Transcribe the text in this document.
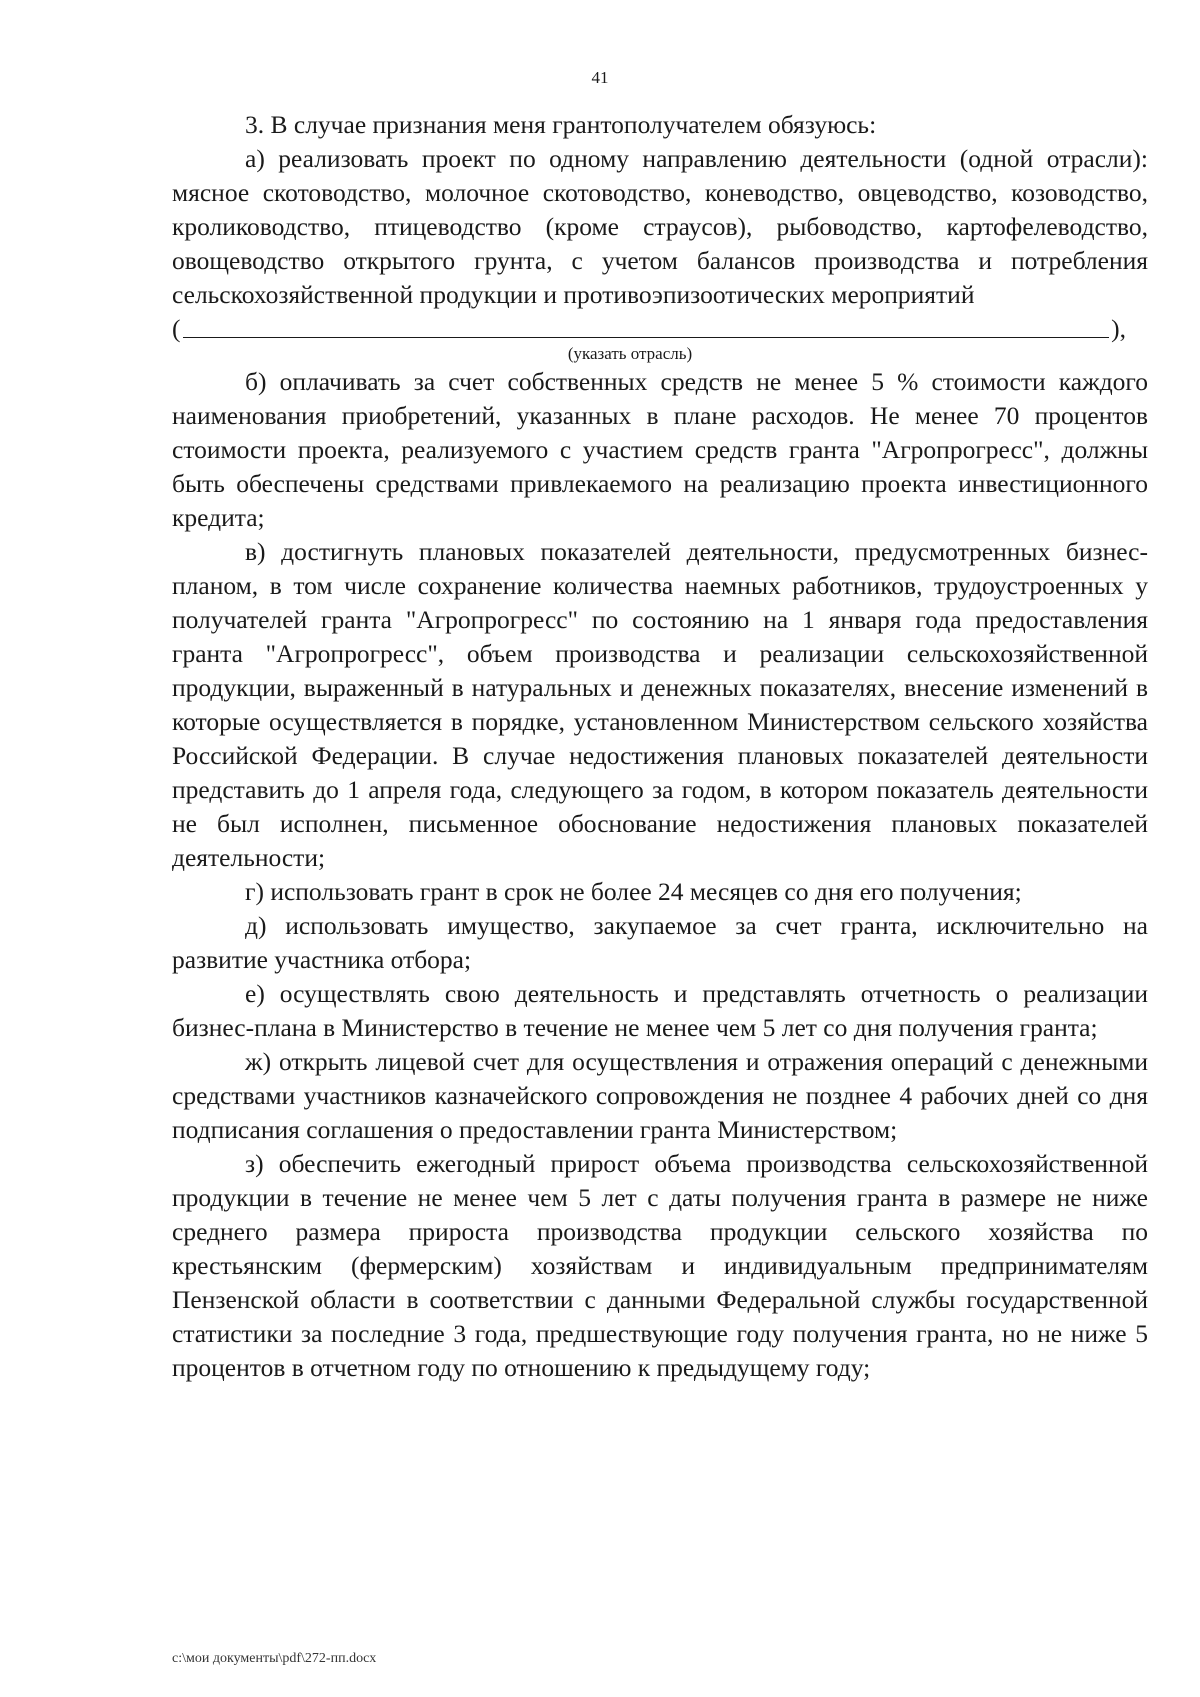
41

3. В случае признания меня грантополучателем обязуюсь:

а) реализовать проект по одному направлению деятельности (одной отрасли): мясное скотоводство, молочное скотоводство, коневодство, овцеводство, козоводство, кролиководство, птицеводство (кроме страусов), рыбоводство, картофелеводство, овощеводство открытого грунта, с учетом балансов производства и потребления сельскохозяйственной продукции и противоэпизоотических мероприятий

(	),
(указать отрасль)

б) оплачивать за счет собственных средств не менее 5 % стоимости каждого наименования приобретений, указанных в плане расходов. Не менее 70 процентов стоимости проекта, реализуемого с участием средств гранта "Агропрогресс", должны быть обеспечены средствами привлекаемого на реализацию проекта инвестиционного кредита;

в) достигнуть плановых показателей деятельности, предусмотренных бизнес-планом, в том числе сохранение количества наемных работников, трудоустроенных у получателей гранта "Агропрогресс" по состоянию на 1 января года предоставления гранта "Агропрогресс", объем производства и реализации сельскохозяйственной продукции, выраженный в натуральных и денежных показателях, внесение изменений в которые осуществляется в порядке, установленном Министерством сельского хозяйства Российской Федерации. В случае недостижения плановых показателей деятельности представить до 1 апреля года, следующего за годом, в котором показатель деятельности не был исполнен, письменное обоснование недостижения плановых показателей деятельности;

г) использовать грант в срок не более 24 месяцев со дня его получения;

д) использовать имущество, закупаемое за счет гранта, исключительно на развитие участника отбора;

е) осуществлять свою деятельность и представлять отчетность о реализации бизнес-плана в Министерство в течение не менее чем 5 лет со дня получения гранта;

ж) открыть лицевой счет для осуществления и отражения операций с денежными средствами участников казначейского сопровождения не позднее 4 рабочих дней со дня подписания соглашения о предоставлении гранта Министерством;

з) обеспечить ежегодный прирост объема производства сельскохозяйственной продукции в течение не менее чем 5 лет с даты получения гранта в размере не ниже среднего размера прироста производства продукции сельского хозяйства по крестьянским (фермерским) хозяйствам и индивидуальным предпринимателям Пензенской области в соответствии с данными Федеральной службы государственной статистики за последние 3 года, предшествующие году получения гранта, но не ниже 5 процентов в отчетном году по отношению к предыдущему году;

c:\мои документы\pdf\272-пп.docx
